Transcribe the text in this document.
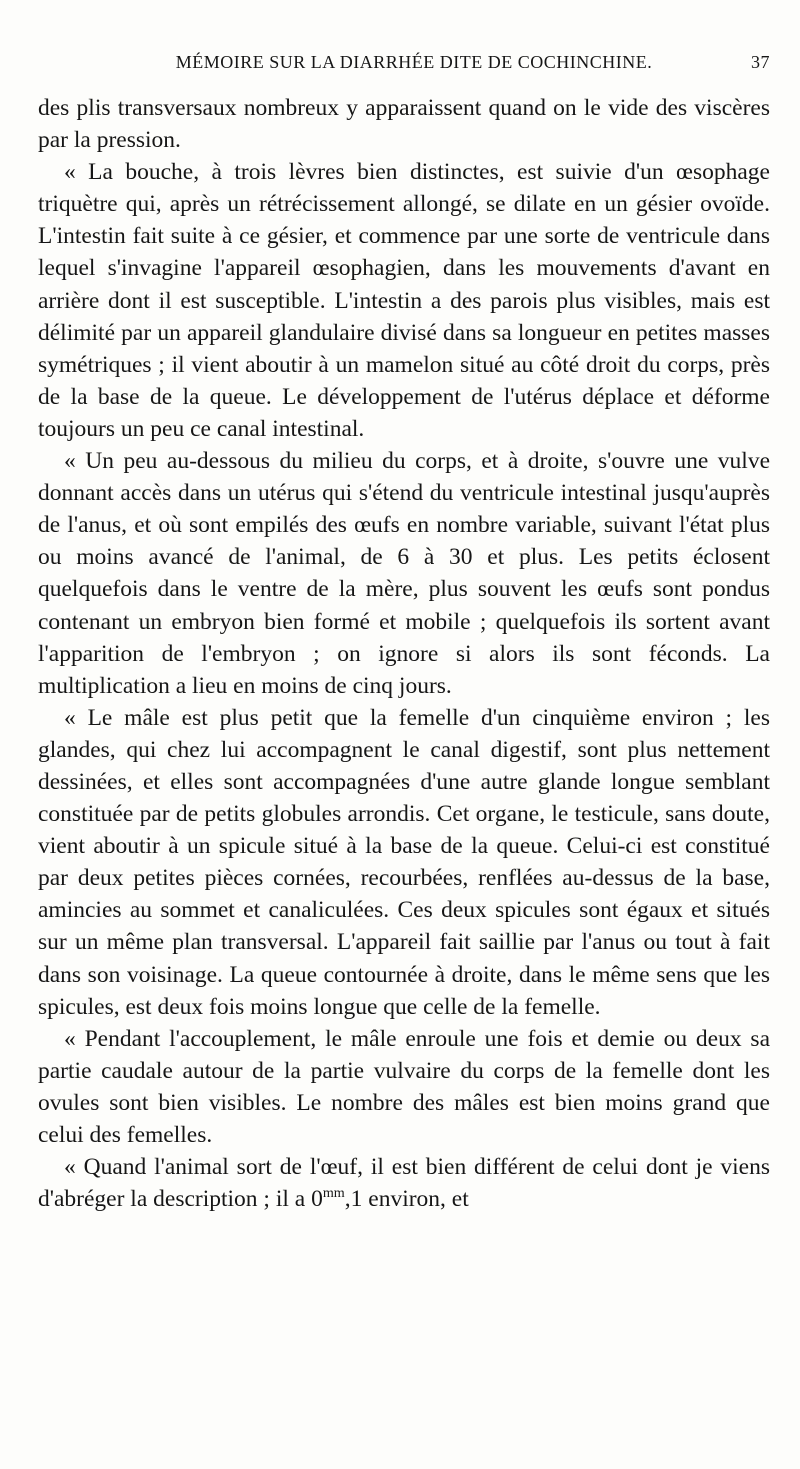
MÉMOIRE SUR LA DIARRHÉE DITE DE COCHINCHINE.	37

des plis transversaux nombreux y apparaissent quand on le vide des viscères par la pression.

« La bouche, à trois lèvres bien distinctes, est suivie d'un œsophage triquètre qui, après un rétrécissement allongé, se dilate en un gésier ovoïde. L'intestin fait suite à ce gésier, et commence par une sorte de ventricule dans lequel s'invagine l'appareil œsophagien, dans les mouvements d'avant en arrière dont il est susceptible. L'intestin a des parois plus visibles, mais est délimité par un appareil glandulaire divisé dans sa longueur en petites masses symétriques ; il vient aboutir à un mamelon situé au côté droit du corps, près de la base de la queue. Le développement de l'utérus déplace et déforme toujours un peu ce canal intestinal.

« Un peu au-dessous du milieu du corps, et à droite, s'ouvre une vulve donnant accès dans un utérus qui s'étend du ventricule intestinal jusqu'auprès de l'anus, et où sont empilés des œufs en nombre variable, suivant l'état plus ou moins avancé de l'animal, de 6 à 30 et plus. Les petits éclosent quelquefois dans le ventre de la mère, plus souvent les œufs sont pondus contenant un embryon bien formé et mobile ; quelquefois ils sortent avant l'apparition de l'embryon ; on ignore si alors ils sont féconds. La multiplication a lieu en moins de cinq jours.

« Le mâle est plus petit que la femelle d'un cinquième environ ; les glandes, qui chez lui accompagnent le canal digestif, sont plus nettement dessinées, et elles sont accompagnées d'une autre glande longue semblant constituée par de petits globules arrondis. Cet organe, le testicule, sans doute, vient aboutir à un spicule situé à la base de la queue. Celui-ci est constitué par deux petites pièces cornées, recourbées, renflées au-dessus de la base, amincies au sommet et canaliculées. Ces deux spicules sont égaux et situés sur un même plan transversal. L'appareil fait saillie par l'anus ou tout à fait dans son voisinage. La queue contournée à droite, dans le même sens que les spicules, est deux fois moins longue que celle de la femelle.

« Pendant l'accouplement, le mâle enroule une fois et demie ou deux sa partie caudale autour de la partie vulvaire du corps de la femelle dont les ovules sont bien visibles. Le nombre des mâles est bien moins grand que celui des femelles.

« Quand l'animal sort de l'œuf, il est bien différent de celui dont je viens d'abréger la description ; il a $0^{mm},1$ environ, et
